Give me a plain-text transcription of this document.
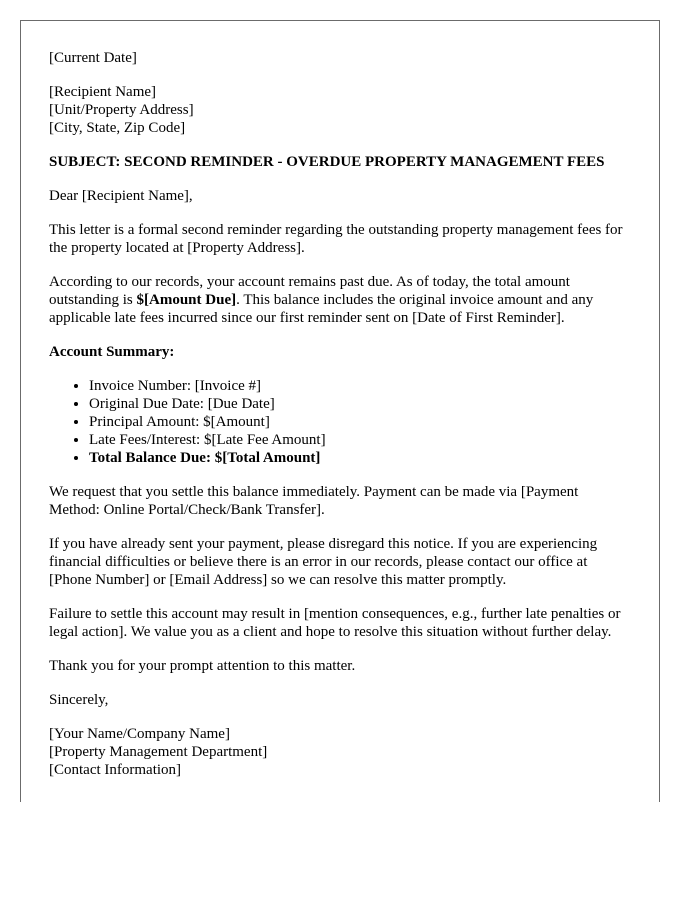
[Current Date]

[Recipient Name]
[Unit/Property Address]
[City, State, Zip Code]

SUBJECT: SECOND REMINDER - OVERDUE PROPERTY MANAGEMENT FEES

Dear [Recipient Name],

This letter is a formal second reminder regarding the outstanding property management fees for the property located at [Property Address].

According to our records, your account remains past due. As of today, the total amount outstanding is $[Amount Due]. This balance includes the original invoice amount and any applicable late fees incurred since our first reminder sent on [Date of First Reminder].

Account Summary:

• Invoice Number: [Invoice #]
• Original Due Date: [Due Date]
• Principal Amount: $[Amount]
• Late Fees/Interest: $[Late Fee Amount]
• Total Balance Due: $[Total Amount]

We request that you settle this balance immediately. Payment can be made via [Payment Method: Online Portal/Check/Bank Transfer].

If you have already sent your payment, please disregard this notice. If you are experiencing financial difficulties or believe there is an error in our records, please contact our office at [Phone Number] or [Email Address] so we can resolve this matter promptly.

Failure to settle this account may result in [mention consequences, e.g., further late penalties or legal action]. We value you as a client and hope to resolve this situation without further delay.

Thank you for your prompt attention to this matter.

Sincerely,

[Your Name/Company Name]
[Property Management Department]
[Contact Information]
